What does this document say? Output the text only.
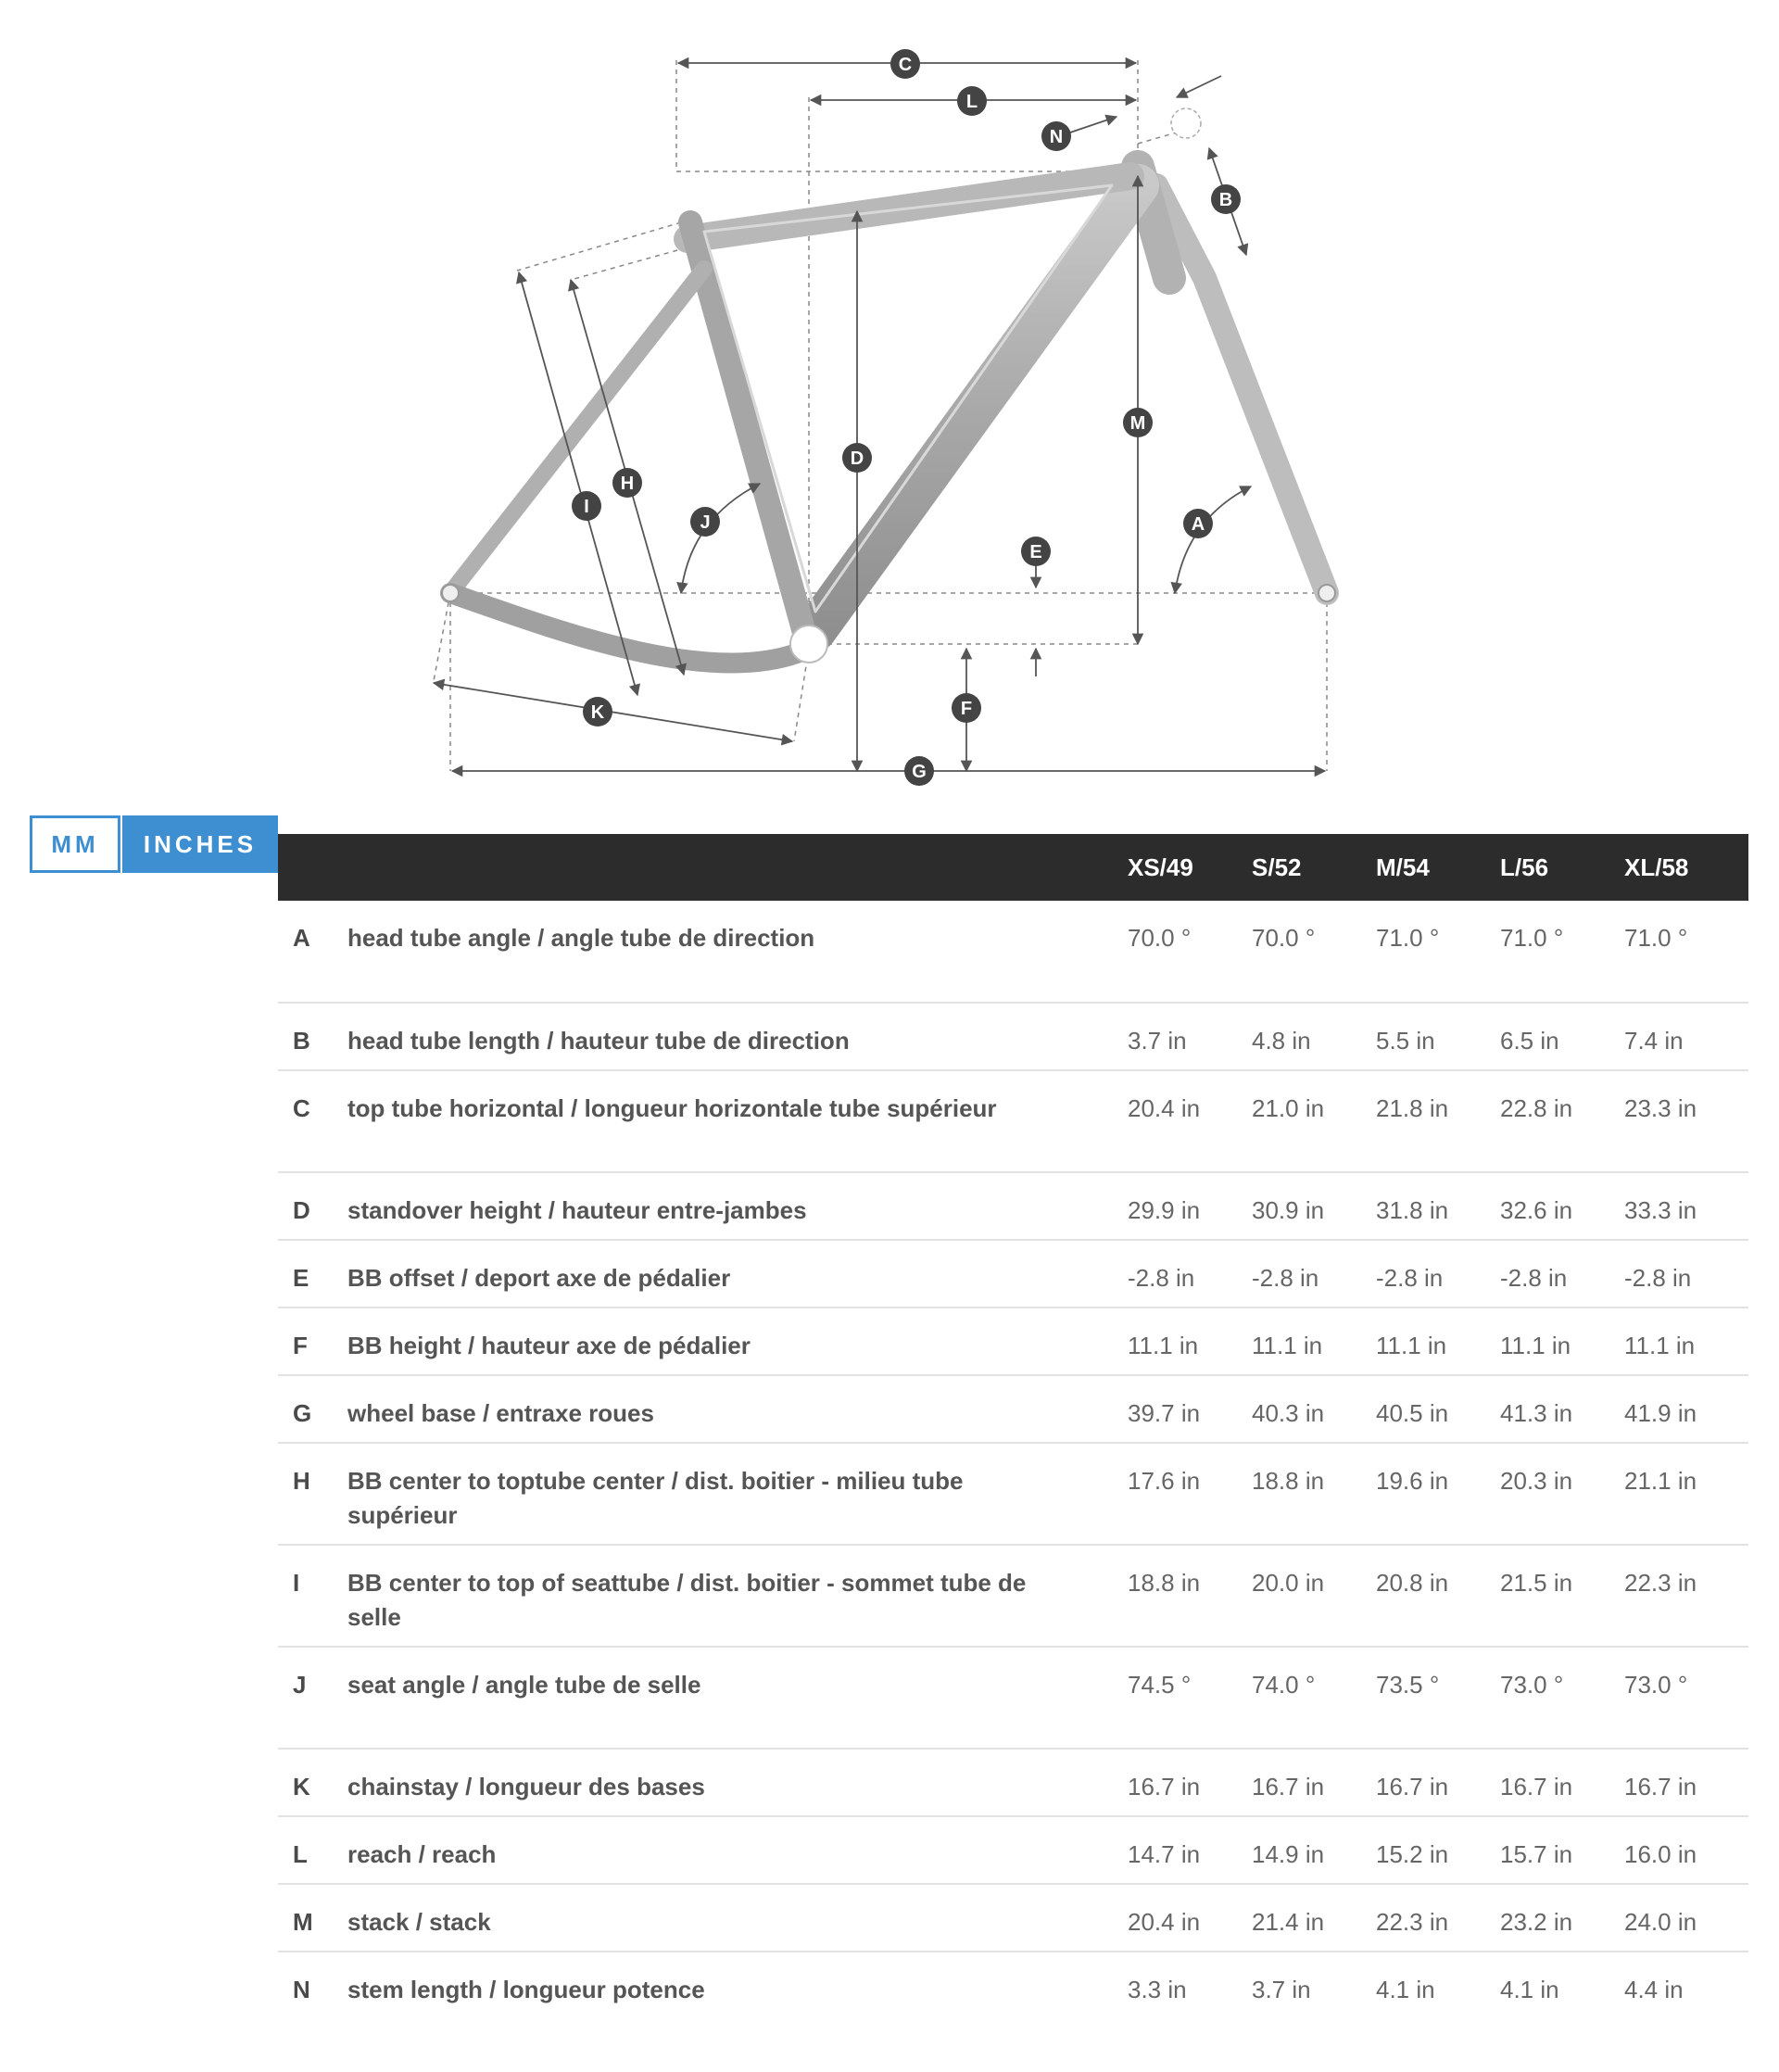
C
L
N
B
M
D
H
I
J	A
E
F
K
G
MM	INCHES
		XS/49	S/52	M/54	L/56	XL/58
A	head tube angle / angle tube de direction	70.0 °	70.0 °	71.0 °	71.0 °	71.0 °
B	head tube length / hauteur tube de direction	3.7 in	4.8 in	5.5 in	6.5 in	7.4 in
C	top tube horizontal / longueur horizontale tube supérieur	20.4 in	21.0 in	21.8 in	22.8 in	23.3 in
D	standover height / hauteur entre-jambes	29.9 in	30.9 in	31.8 in	32.6 in	33.3 in
E	BB offset / deport axe de pédalier	-2.8 in	-2.8 in	-2.8 in	-2.8 in	-2.8 in
F	BB height / hauteur axe de pédalier	11.1 in	11.1 in	11.1 in	11.1 in	11.1 in
G	wheel base / entraxe roues	39.7 in	40.3 in	40.5 in	41.3 in	41.9 in
H	BB center to toptube center / dist. boitier - milieu tube supérieur	17.6 in	18.8 in	19.6 in	20.3 in	21.1 in
I	BB center to top of seattube / dist. boitier - sommet tube de selle	18.8 in	20.0 in	20.8 in	21.5 in	22.3 in
J	seat angle / angle tube de selle	74.5 °	74.0 °	73.5 °	73.0 °	73.0 °
K	chainstay / longueur des bases	16.7 in	16.7 in	16.7 in	16.7 in	16.7 in
L	reach / reach	14.7 in	14.9 in	15.2 in	15.7 in	16.0 in
M	stack / stack	20.4 in	21.4 in	22.3 in	23.2 in	24.0 in
N	stem length / longueur potence	3.3 in	3.7 in	4.1 in	4.1 in	4.4 in
